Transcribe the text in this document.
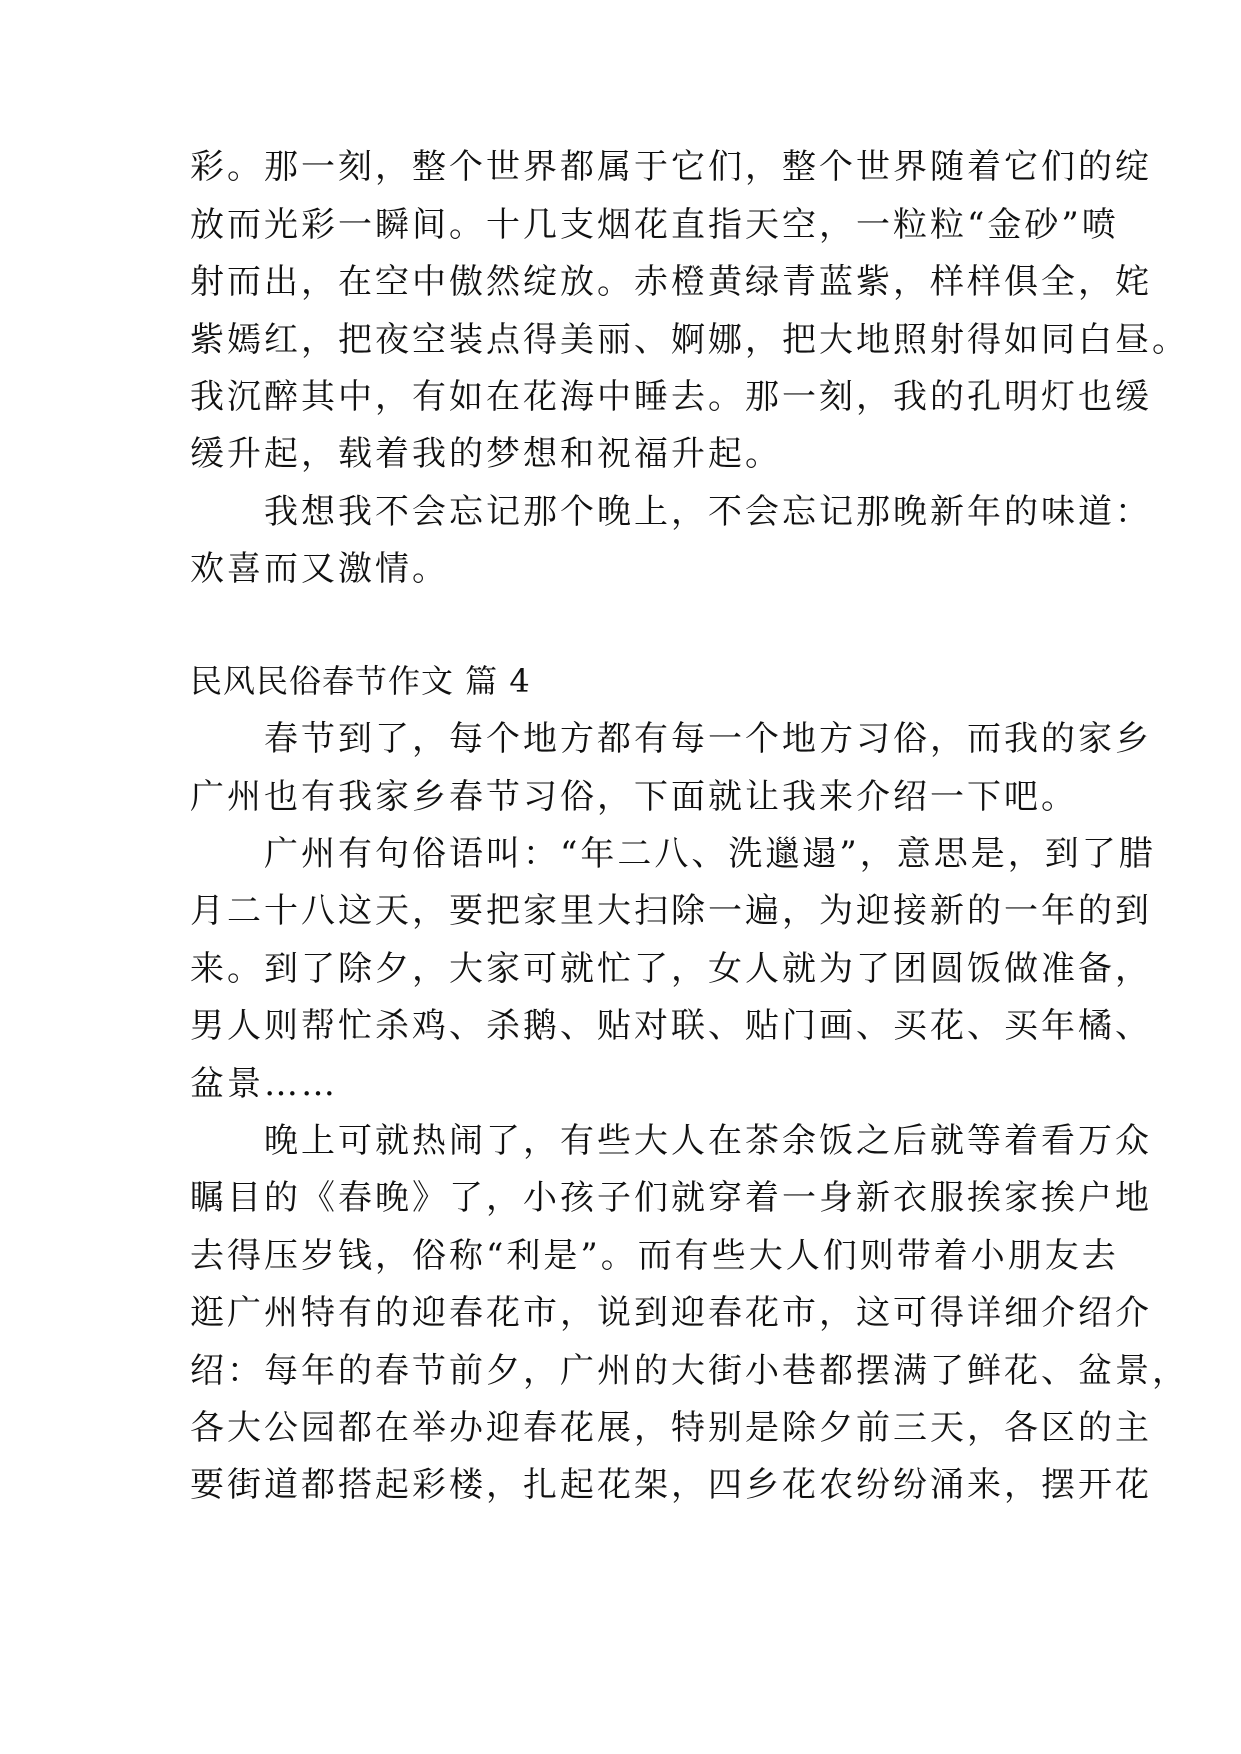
彩。那一刻，整个世界都属于它们，整个世界随着它们的绽
放而光彩一瞬间。十几支烟花直指天空，一粒粒“金砂”喷
射而出，在空中傲然绽放。赤橙黄绿青蓝紫，样样俱全，姹
紫嫣红，把夜空装点得美丽、婀娜，把大地照射得如同白昼。
我沉醉其中，有如在花海中睡去。那一刻，我的孔明灯也缓
缓升起，载着我的梦想和祝福升起。
　　我想我不会忘记那个晚上，不会忘记那晚新年的味道：
欢喜而又激情。
民风民俗春节作文 篇 4
　　春节到了，每个地方都有每一个地方习俗，而我的家乡
广州也有我家乡春节习俗，下面就让我来介绍一下吧。
　　广州有句俗语叫：“年二八、洗邋遢”，意思是，到了腊
月二十八这天，要把家里大扫除一遍，为迎接新的一年的到
来。到了除夕，大家可就忙了，女人就为了团圆饭做准备，
男人则帮忙杀鸡、杀鹅、贴对联、贴门画、买花、买年橘、
盆景……
　　晚上可就热闹了，有些大人在茶余饭之后就等着看万众
瞩目的《春晚》了，小孩子们就穿着一身新衣服挨家挨户地
去得压岁钱，俗称“利是”。而有些大人们则带着小朋友去
逛广州特有的迎春花市，说到迎春花市，这可得详细介绍介
绍：每年的春节前夕，广州的大街小巷都摆满了鲜花、盆景，
各大公园都在举办迎春花展，特别是除夕前三天，各区的主
要街道都搭起彩楼，扎起花架，四乡花农纷纷涌来，摆开花
